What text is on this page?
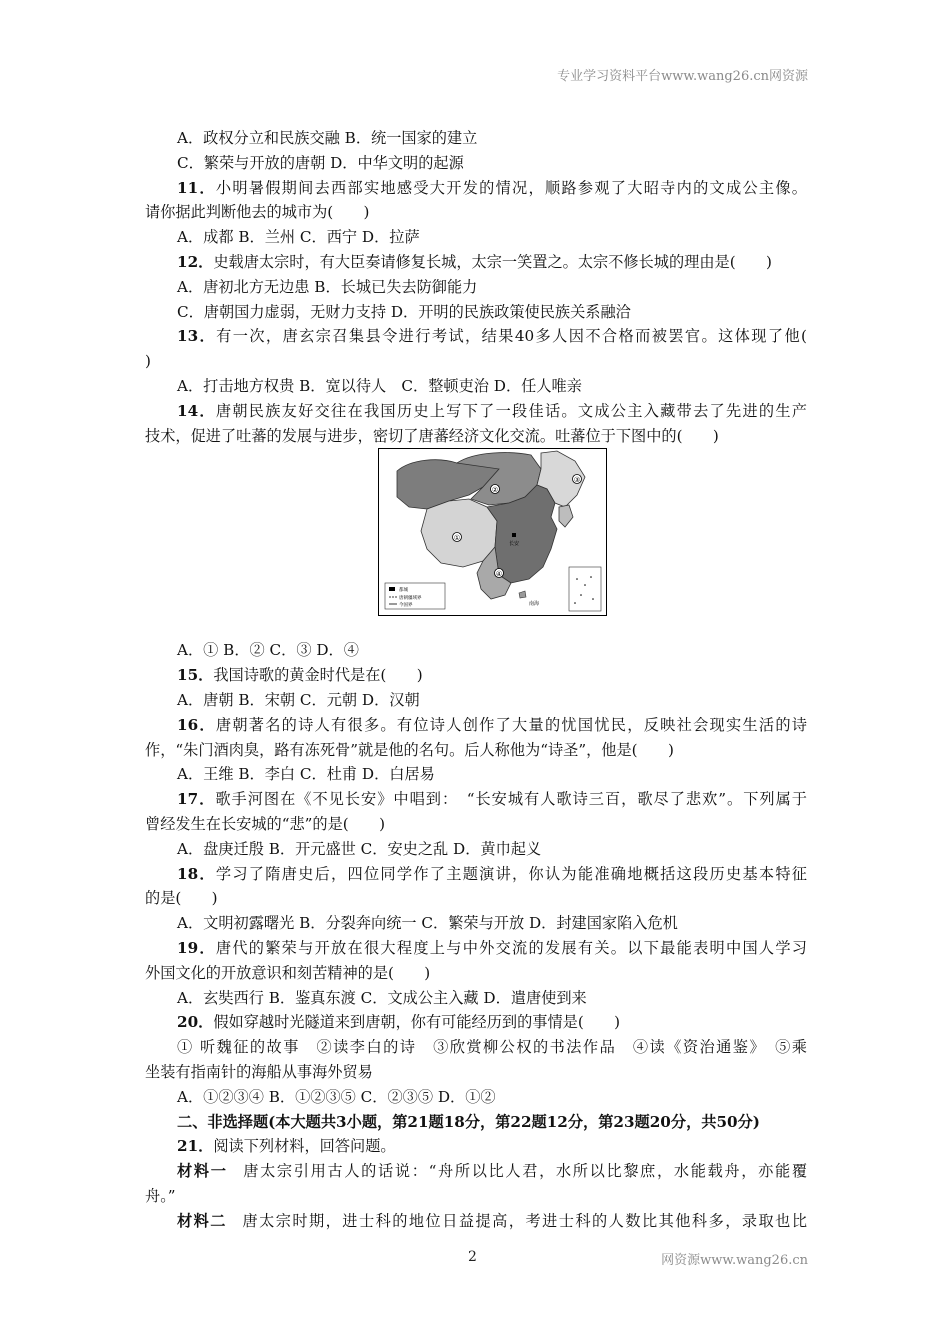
专业学习资料平台www.wang26.cn网资源
A．政权分立和民族交融 B．统一国家的建立
C．繁荣与开放的唐朝 D．中华文明的起源
11．小明暑假期间去西部实地感受大开发的情况，顺路参观了大昭寺内的文成公主像。
请你据此判断他去的城市为(　　)
A．成都 B．兰州 C．西宁 D．拉萨
12．史载唐太宗时，有大臣奏请修复长城，太宗一笑置之。太宗不修长城的理由是(　　)
A．唐初北方无边患 B．长城已失去防御能力
C．唐朝国力虚弱，无财力支持 D．开明的民族政策使民族关系融洽
13．有一次，唐玄宗召集县令进行考试，结果40多人因不合格而被罢官。这体现了他(
)
A．打击地方权贵 B．宽以待人　C．整顿吏治 D．任人唯亲
14．唐朝民族友好交往在我国历史上写下了一段佳话。文成公主入藏带去了先进的生产
技术，促进了吐蕃的发展与进步，密切了唐蕃经济文化交流。吐蕃位于下图中的(　　)
①
②
③
④
长安
都城
唐朝疆域界
今国界	南海
A．① B．② C．③ D．④
15．我国诗歌的黄金时代是在(　　)
A．唐朝 B．宋朝 C．元朝 D．汉朝
16．唐朝著名的诗人有很多。有位诗人创作了大量的忧国忧民，反映社会现实生活的诗
作，“朱门酒肉臭，路有冻死骨”就是他的名句。后人称他为“诗圣”，他是(　　)
A．王维 B．李白 C．杜甫 D．白居易
17．歌手河图在《不见长安》中唱到：　“长安城有人歌诗三百，歌尽了悲欢”。下列属于
曾经发生在长安城的“悲”的是(　　)
A．盘庚迁殷 B．开元盛世 C．安史之乱 D．黄巾起义
18．学习了隋唐史后，四位同学作了主题演讲，你认为能准确地概括这段历史基本特征
的是(　　)
A．文明初露曙光 B．分裂奔向统一 C．繁荣与开放 D．封建国家陷入危机
19．唐代的繁荣与开放在很大程度上与中外交流的发展有关。以下最能表明中国人学习
外国文化的开放意识和刻苦精神的是(　　)
A．玄奘西行 B．鉴真东渡 C．文成公主入藏 D．遣唐使到来
20．假如穿越时光隧道来到唐朝，你有可能经历到的事情是(　　)
① 听魏征的故事　②读李白的诗　③欣赏柳公权的书法作品　④读《资治通鉴》　⑤乘
坐装有指南针的海船从事海外贸易
A．①②③④ B．①②③⑤ C．②③⑤ D．①②
二、非选择题(本大题共3小题，第21题18分，第22题12分，第23题20分，共50分)
21．阅读下列材料，回答问题。
材料一 唐太宗引用古人的话说：“舟所以比人君，水所以比黎庶，水能载舟，亦能覆
舟。”
材料二 唐太宗时期，进士科的地位日益提高，考进士科的人数比其他科多，录取也比
2	网资源www.wang26.cn
